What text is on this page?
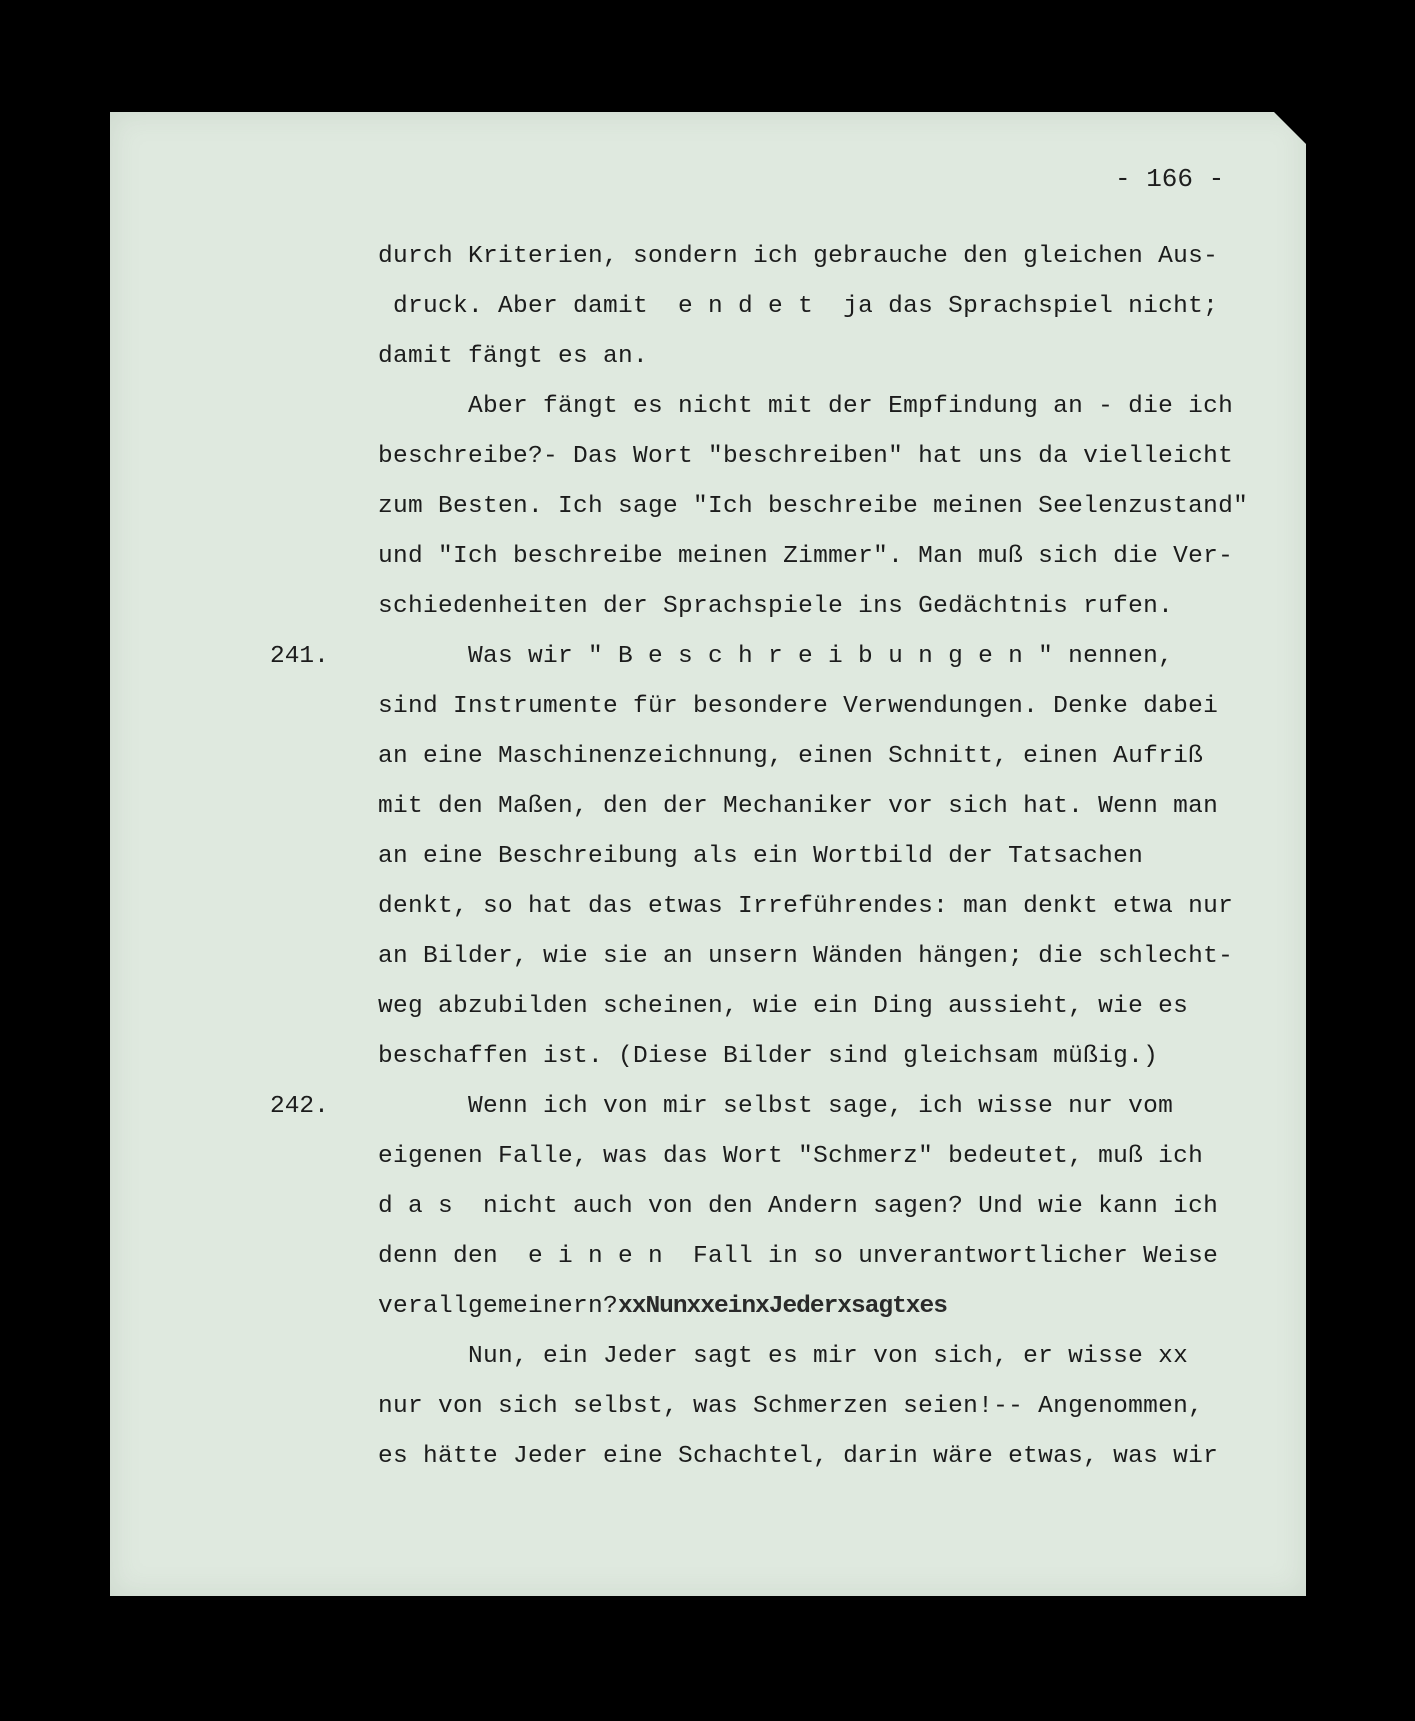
- 166 -
durch Kriterien, sondern ich gebrauche den gleichen Aus-
druck. Aber damit  e n d e t  ja das Sprachspiel nicht;
damit fängt es an.
Aber fängt es nicht mit der Empfindung an - die ich
beschreibe?- Das Wort "beschreiben" hat uns da vielleicht
zum Besten. Ich sage "Ich beschreibe meinen Seelenzustand"
und "Ich beschreibe meinen Zimmer". Man muß sich die Ver-
schiedenheiten der Sprachspiele ins Gedächtnis rufen.
241.	Was wir " B e s c h r e i b u n g e n " nennen,
sind Instrumente für besondere Verwendungen. Denke dabei
an eine Maschinenzeichnung, einen Schnitt, einen Aufriß
mit den Maßen, den der Mechaniker vor sich hat. Wenn man
an eine Beschreibung als ein Wortbild der Tatsachen
denkt, so hat das etwas Irreführendes: man denkt etwa nur
an Bilder, wie sie an unsern Wänden hängen; die schlecht-
weg abzubilden scheinen, wie ein Ding aussieht, wie es
beschaffen ist. (Diese Bilder sind gleichsam müßig.)
242.	Wenn ich von mir selbst sage, ich wisse nur vom
eigenen Falle, was das Wort "Schmerz" bedeutet, muß ich
d a s  nicht auch von den Andern sagen? Und wie kann ich
denn den  e i n e n  Fall in so unverantwortlicher Weise
verallgemeinern?xxNunxxeinxJederxsagtxes
Nun, ein Jeder sagt es mir von sich, er wisse xx
nur von sich selbst, was Schmerzen seien!-- Angenommen,
es hätte Jeder eine Schachtel, darin wäre etwas, was wir
